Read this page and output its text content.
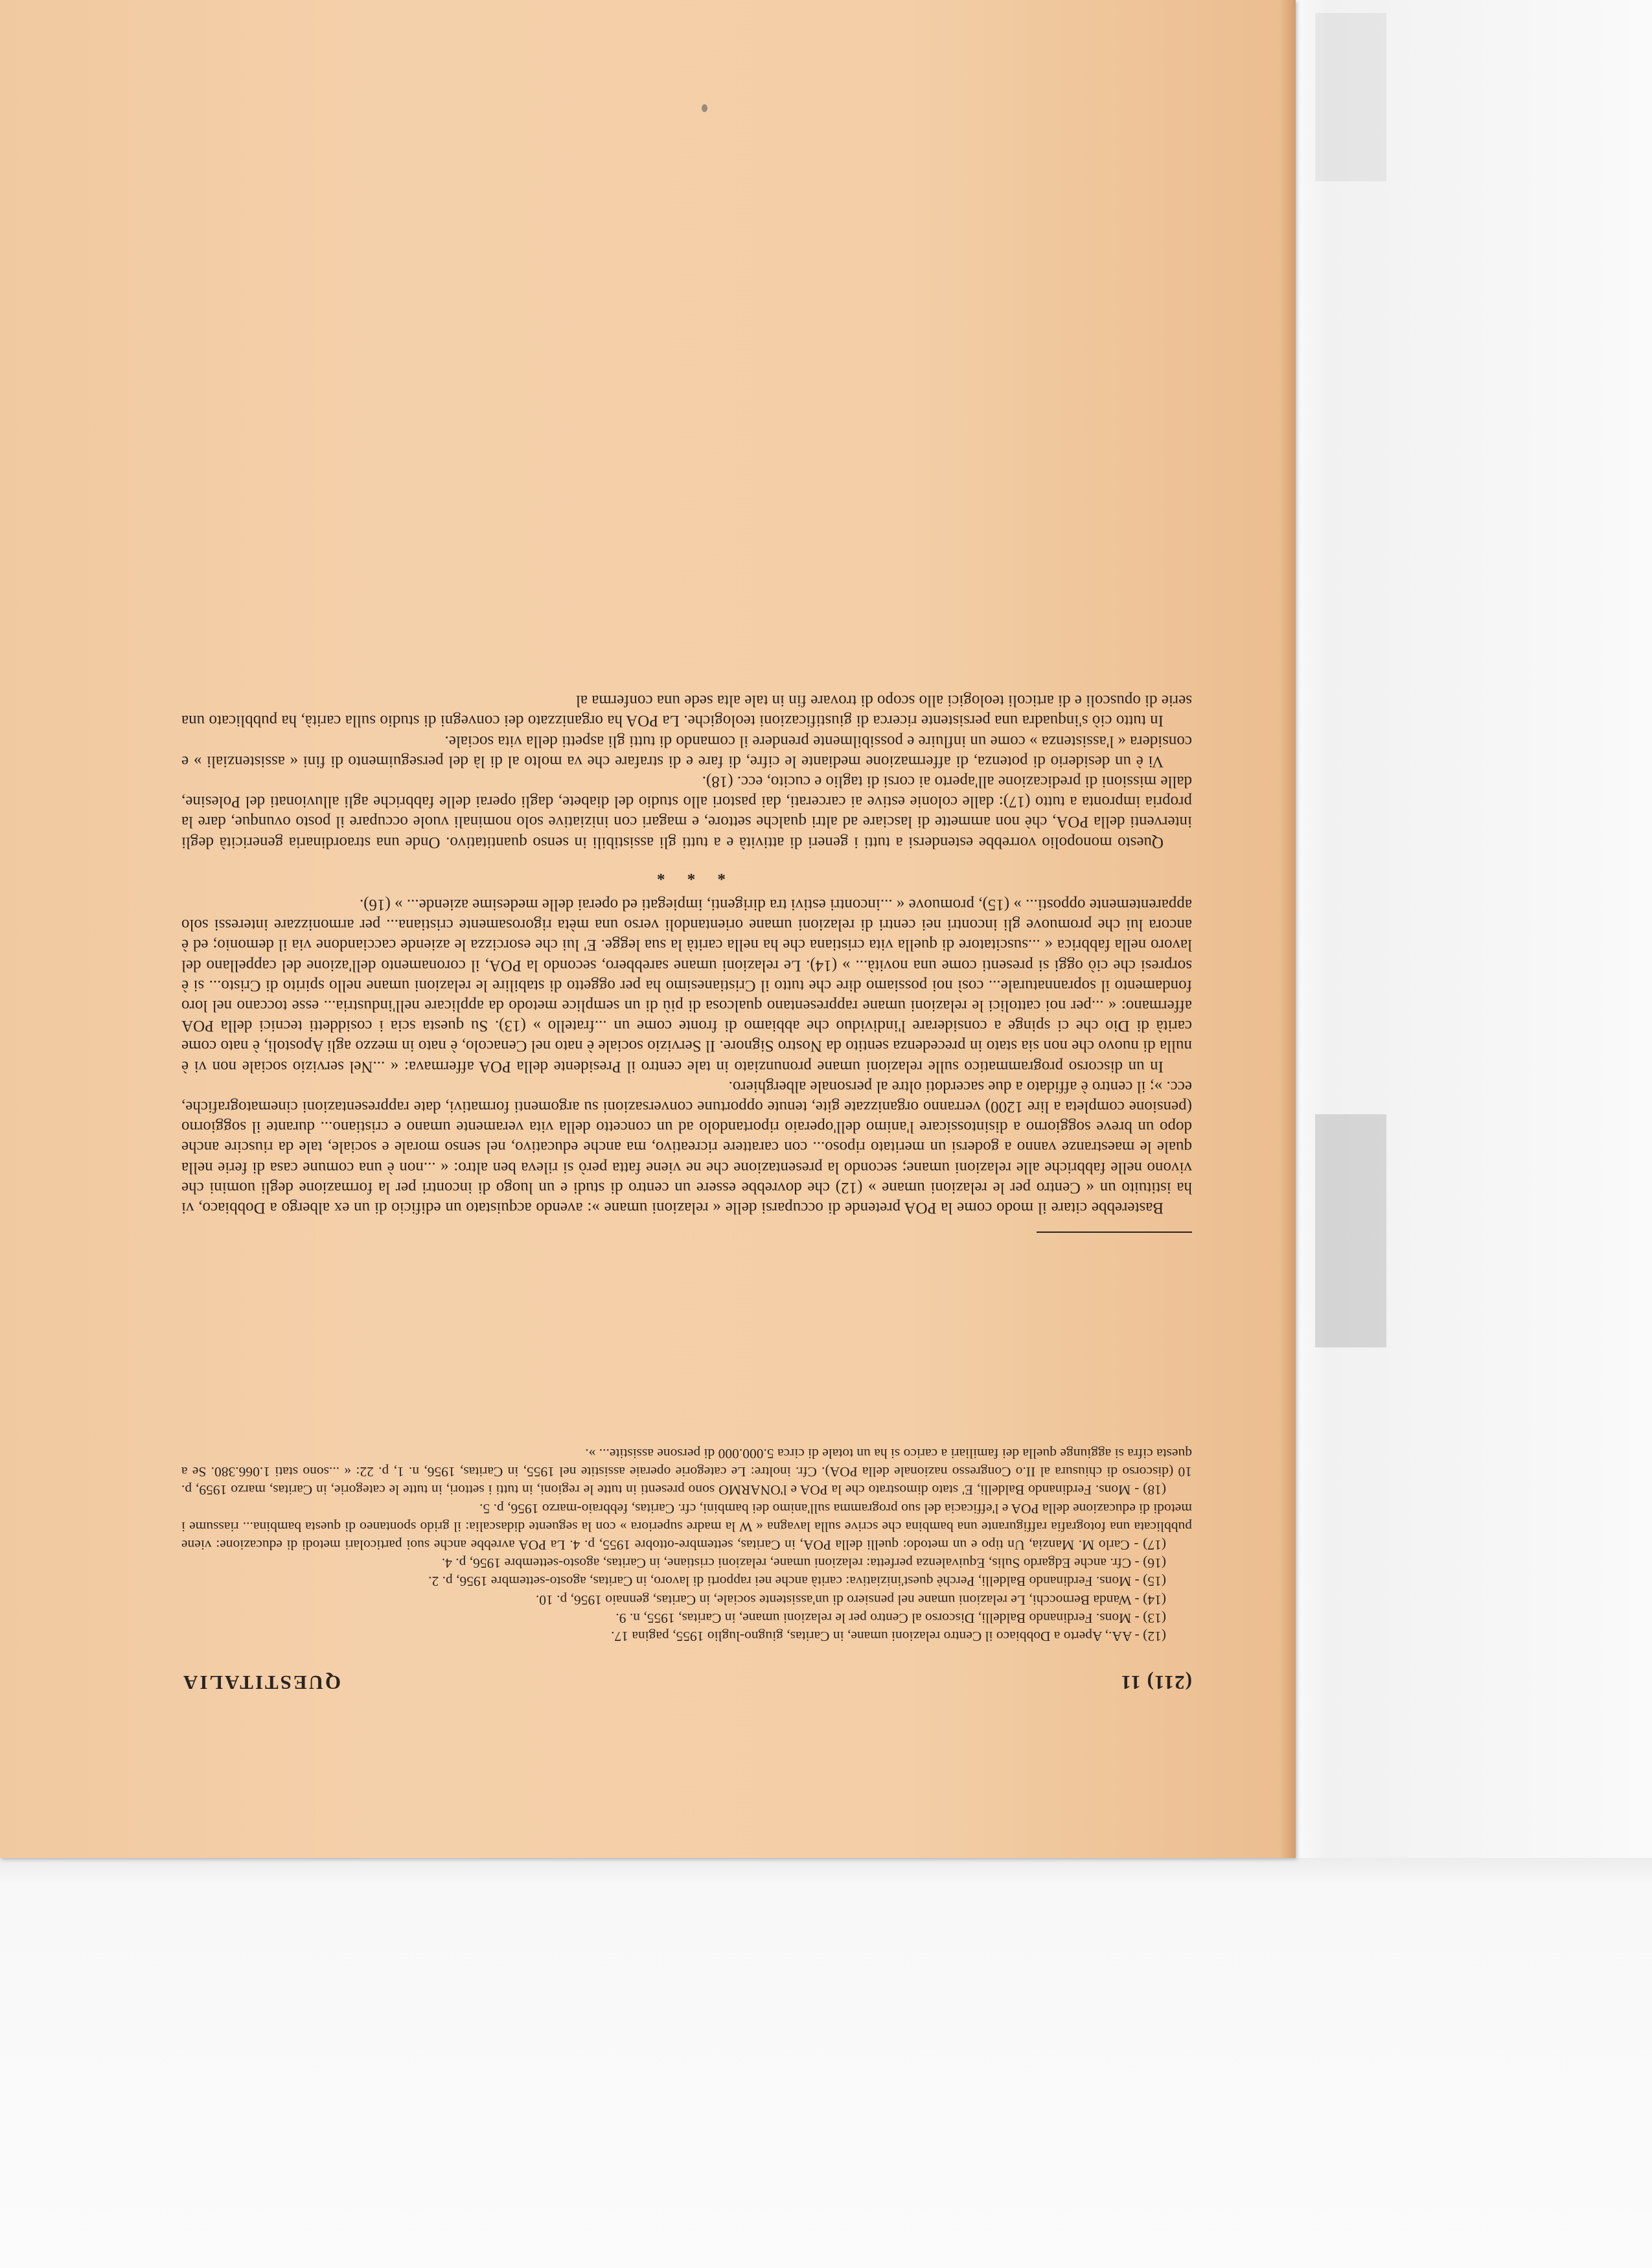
(211) 11
QUESTITALIA

(12) - AA., Aperto a Dobbiaco il Centro relazioni umane, in Caritas, giugno-luglio 1955, pagina 17.

(13) - Mons. Ferdinando Baldelli, Discorso al Centro per le relazioni umane, in Caritas, 1955, n. 9.

(14) - Wanda Bernocchi, Le relazioni umane nel pensiero di un'assistente sociale, in Caritas, gennaio 1956, p. 10.

(15) - Mons. Ferdinando Baldelli, Perchè quest'iniziativa: carità anche nei rapporti di lavoro, in Caritas, agosto-settembre 1956, p. 2.

(16) - Cfr. anche Edgardo Sulis, Equivalenza perfetta: relazioni umane, relazioni cristiane, in Caritas, agosto-settembre 1956, p. 4.

(17) - Carlo M. Manzia, Un tipo e un metodo: quelli della POA, in Caritas, settembre-ottobre 1955, p. 4. La POA avrebbe anche suoi particolari metodi di educazione: viene pubblicata una fotografia raffigurante una bambina che scrive sulla lavagna « W la madre superiora » con la seguente didascalia: il grido spontaneo di questa bambina... riassume i metodi di educazione della POA e l'efficacia del suo programma sull'animo dei bambini, cfr. Caritas, febbraio-marzo 1956, p. 5.

(18) - Mons. Ferdinando Baldelli, E' stato dimostrato che la POA e l'ONARMO sono presenti in tutte le regioni, in tutti i settori, in tutte le categorie, in Caritas, marzo 1959, p. 10 (discorso di chiusura al II.o Congresso nazionale della POA). Cfr. inoltre: Le categorie operaie assistite nel 1955, in Caritas, 1956, n. 1, p. 22: « ...sono stati 1.066.380. Se a questa cifra si aggiunge quella dei familiari a carico si ha un totale di circa 5.000.000 di persone assistite... ».

Basterebbe citare il modo come la POA pretende di occuparsi delle « relazioni umane »: avendo acquistato un edificio di un ex albergo a Dobbiaco, vi ha istituito un « Centro per le relazioni umane » (12) che dovrebbe essere un centro di studi e un luogo di incontri per la formazione degli uomini che vivono nelle fabbriche alle relazioni umane; secondo la presentazione che ne viene fatta però si rileva ben altro: « ...non è una comune casa di ferie nella quale le maestranze vanno a godersi un meritato riposo... con carattere ricreativo, ma anche educativo, nel senso morale e sociale, tale da riuscire anche dopo un breve soggiorno a disintossicare l'animo dell'operaio riportandolo ad un concetto della vita veramente umano e cristiano... durante il soggiorno (pensione completa a lire 1200) verranno organizzate gite, tenute opportune conversazioni su argomenti formativi, date rappresentazioni cinematografiche, ecc. »; il centro è affidato a due sacerdoti oltre al personale alberghiero.

In un discorso programmatico sulle relazioni umane pronunziato in tale centro il Presidente della POA affermava: « ...Nel servizio sociale non vi è nulla di nuovo che non sia stato in precedenza sentito da Nostro Signore. Il Servizio sociale è nato nel Cenacolo, è nato in mezzo agli Apostoli, è nato come carità di Dio che ci spinge a considerare l'individuo che abbiamo di fronte come un ...fratello » (13). Su questa scia i cosiddetti tecnici della POA affermano: « ...per noi cattolici le relazioni umane rappresentano qualcosa di più di un semplice metodo da applicare nell'industria... esse toccano nel loro fondamento il soprannaturale... così noi possiamo dire che tutto il Cristianesimo ha per oggetto di stabilire le relazioni umane nello spirito di Cristo... si è sorpresi che ciò oggi si presenti come una novità... » (14). Le relazioni umane sarebbero, secondo la POA, il coronamento dell'azione del cappellano del lavoro nella fabbrica « ...suscitatore di quella vita cristiana che ha nella carità la sua legge. E' lui che esorcizza le aziende cacciandone via il demonio; ed è ancora lui che promuove gli incontri nei centri di relazioni umane orientandoli verso una mèta rigorosamente cristiana... per armonizzare interessi solo apparentemente opposti... » (15), promuove « ...incontri estivi tra dirigenti, impiegati ed operai delle medesime aziende... » (16).

* * *

Questo monopolio vorrebbe estendersi a tutti i generi di attività e a tutti gli assistibili in senso quantitativo. Onde una straordinaria genericità degli interventi della POA, chè non ammette di lasciare ad altri qualche settore, e magari con iniziative solo nominali vuole occupare il posto ovunque, dare la propria impronta a tutto (17): dalle colonie estive ai carcerati, dai pastori allo studio del diabete, dagli operai delle fabbriche agli alluvionati del Polesine, dalle missioni di predicazione all'aperto ai corsi di taglio e cucito, ecc. (18).

Vi è un desiderio di potenza, di affermazione mediante le cifre, di fare e di strafare che va molto al di là del perseguimento di fini « assistenziali » e considera « l'assistenza » come un influire e possibilmente prendere il comando di tutti gli aspetti della vita sociale.

In tutto ciò s'inquadra una persistente ricerca di giustificazioni teologiche. La POA ha organizzato dei convegni di studio sulla carità, ha pubblicato una serie di opuscoli e di articoli teologici allo scopo di trovare fin in tale alta sede una conferma al
